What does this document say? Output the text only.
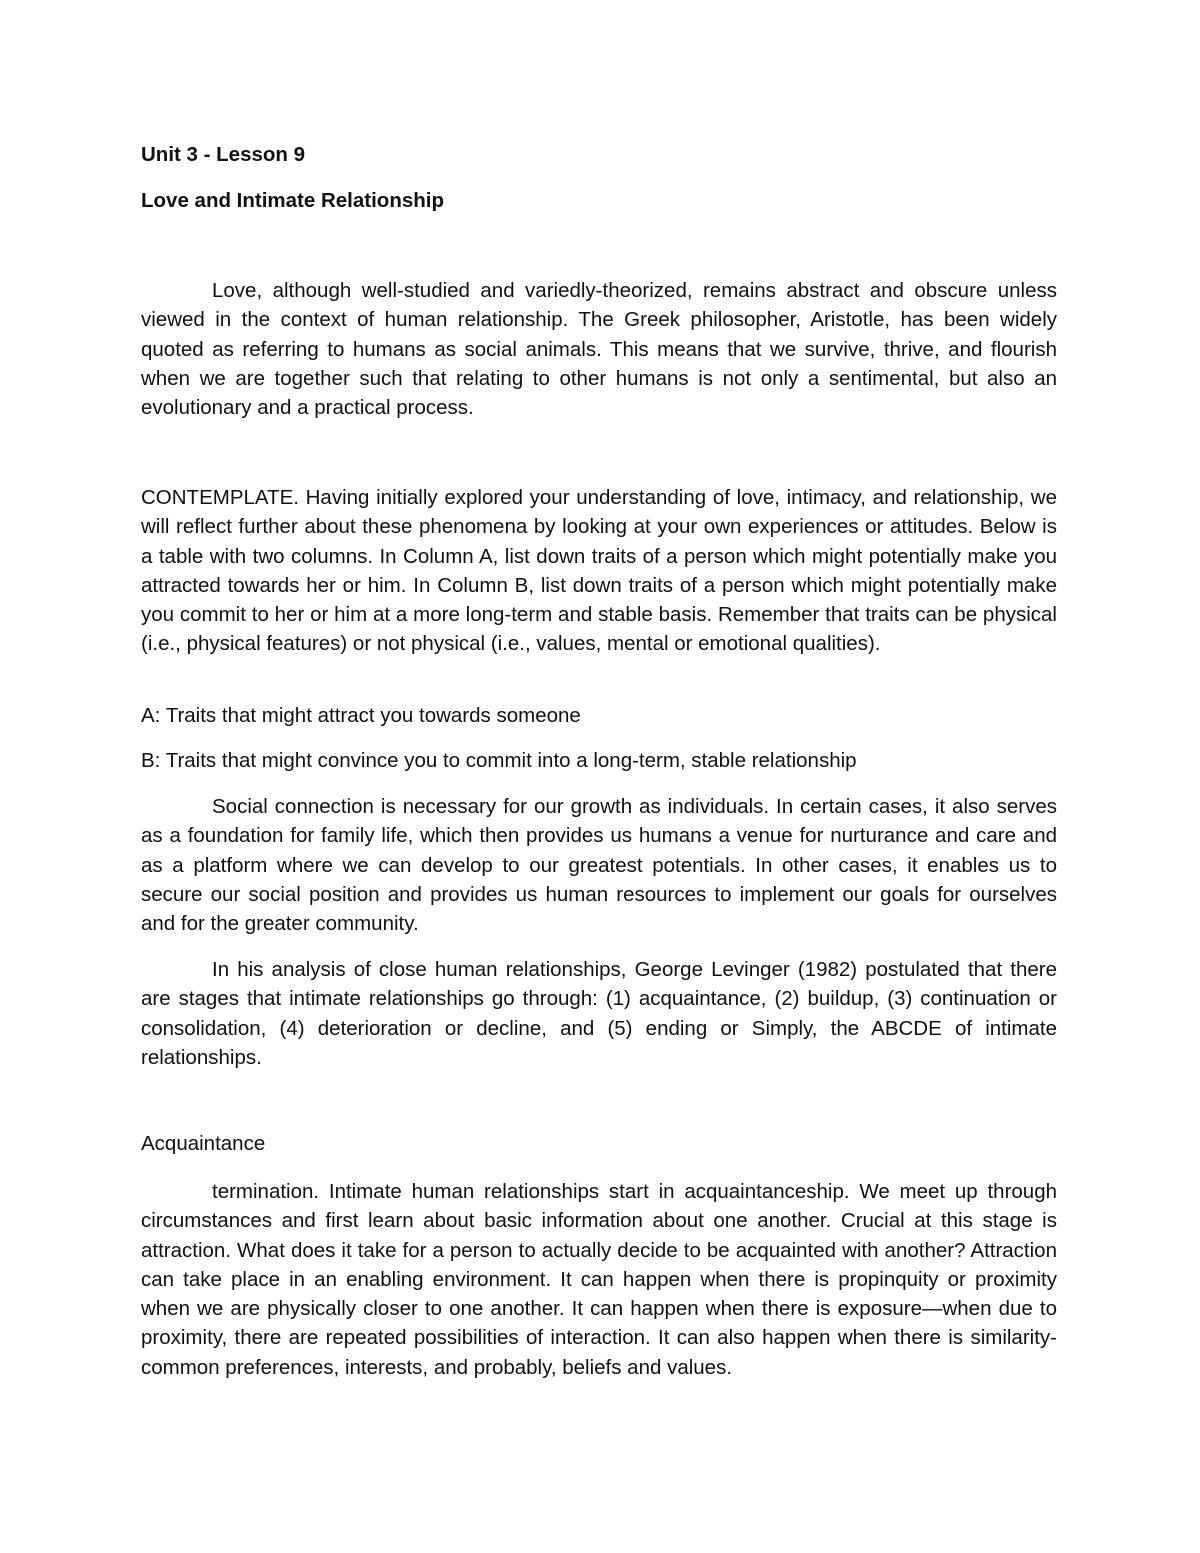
Unit 3 - Lesson 9
Love and Intimate Relationship

Love, although well-studied and variedly-theorized, remains abstract and obscure unless viewed in the context of human relationship. The Greek philosopher, Aristotle, has been widely quoted as referring to humans as social animals. This means that we survive, thrive, and flourish when we are together such that relating to other humans is not only a sentimental, but also an evolutionary and a practical process.

CONTEMPLATE. Having initially explored your understanding of love, intimacy, and relationship, we will reflect further about these phenomena by looking at your own experiences or attitudes. Below is a table with two columns. In Column A, list down traits of a person which might potentially make you attracted towards her or him. In Column B, list down traits of a person which might potentially make you commit to her or him at a more long-term and stable basis. Remember that traits can be physical (i.e., physical features) or not physical (i.e., values, mental or emotional qualities).

A: Traits that might attract you towards someone
B: Traits that might convince you to commit into a long-term, stable relationship

Social connection is necessary for our growth as individuals. In certain cases, it also serves as a foundation for family life, which then provides us humans a venue for nurturance and care and as a platform where we can develop to our greatest potentials. In other cases, it enables us to secure our social position and provides us human resources to implement our goals for ourselves and for the greater community.

In his analysis of close human relationships, George Levinger (1982) postulated that there are stages that intimate relationships go through: (1) acquaintance, (2) buildup, (3) continuation or consolidation, (4) deterioration or decline, and (5) ending or Simply, the ABCDE of intimate relationships.

Acquaintance

termination. Intimate human relationships start in acquaintanceship. We meet up through circumstances and first learn about basic information about one another. Crucial at this stage is attraction. What does it take for a person to actually decide to be acquainted with another? Attraction can take place in an enabling environment. It can happen when there is propinquity or proximity when we are physically closer to one another. It can happen when there is exposure—when due to proximity, there are repeated possibilities of interaction. It can also happen when there is similarity-common preferences, interests, and probably, beliefs and values.
